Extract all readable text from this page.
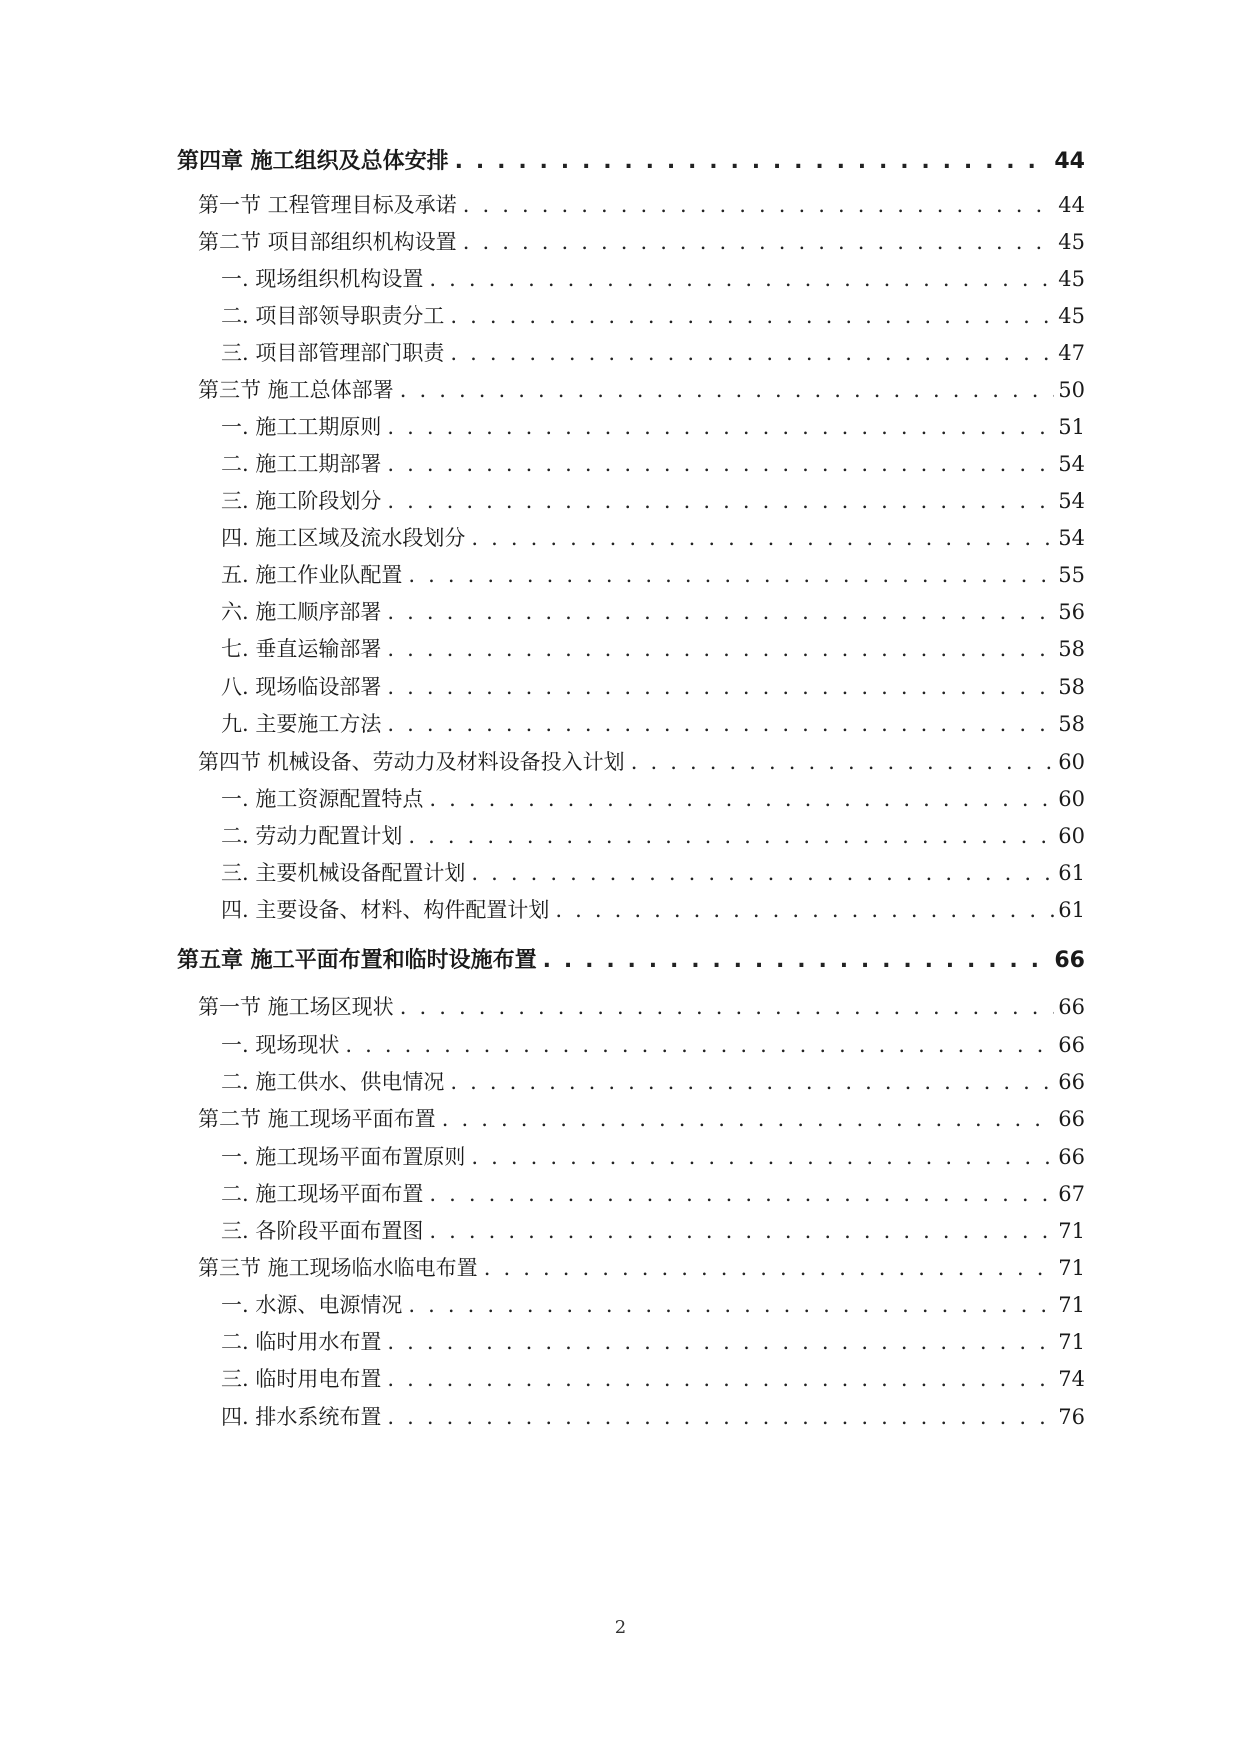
第四章 施工组织及总体安排 . . .	44
第一节 工程管理目标及承诺 . . .	44
第二节 项目部组织机构设置 . . .	45
一. 现场组织机构设置 . . .	45
二. 项目部领导职责分工 . . .	45
三. 项目部管理部门职责 . . .	47
第三节 施工总体部署 . . .	50
一. 施工工期原则 . . .	51
二. 施工工期部署 . . .	54
三. 施工阶段划分 . . .	54
四. 施工区域及流水段划分 . . .	54
五. 施工作业队配置 . . .	55
六. 施工顺序部署 . . .	56
七. 垂直运输部署 . . .	58
八. 现场临设部署 . . .	58
九. 主要施工方法 . . .	58
第四节 机械设备、劳动力及材料设备投入计划 . . .	60
一. 施工资源配置特点 . . .	60
二. 劳动力配置计划 . . .	60
三. 主要机械设备配置计划 . . .	61
四. 主要设备、材料、构件配置计划 . . .	61
第五章 施工平面布置和临时设施布置 . . .	66
第一节 施工场区现状 . . .	66
一. 现场现状 . . .	66
二. 施工供水、供电情况 . . .	66
第二节 施工现场平面布置 . . .	66
一. 施工现场平面布置原则 . . .	66
二. 施工现场平面布置 . . .	67
三. 各阶段平面布置图 . . .	71
第三节 施工现场临水临电布置 . . .	71
一. 水源、电源情况 . . .	71
二. 临时用水布置 . . .	71
三. 临时用电布置 . . .	74
四. 排水系统布置 . . .	76
2
